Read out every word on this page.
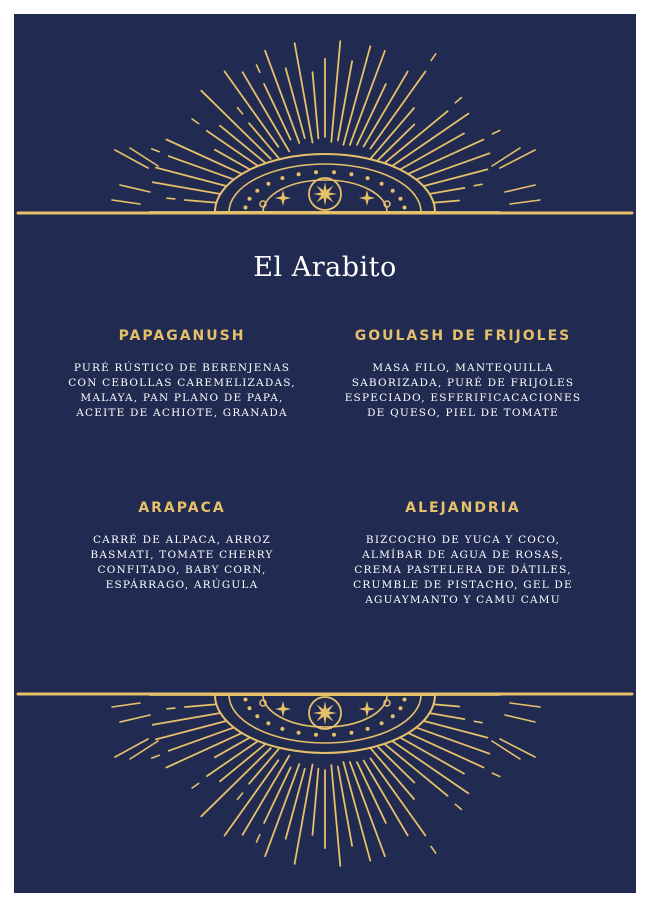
El Arabito
PAPAGANUSH
PURÉ RÚSTICO DE BERENJENAS
CON CEBOLLAS CAREMELIZADAS,
MALAYA, PAN PLANO DE PAPA,
ACEITE DE ACHIOTE, GRANADA
GOULASH DE FRIJOLES
MASA FILO, MANTEQUILLA
SABORIZADA, PURÉ DE FRIJOLES
ESPECIADO, ESFERIFICACACIONES
DE QUESO, PIEL DE TOMATE
ARAPACA
CARRÉ DE ALPACA, ARROZ
BASMATI, TOMATE CHERRY
CONFITADO, BABY CORN,
ESPÁRRAGO, ARÚGULA
ALEJANDRIA
BIZCOCHO DE YUCA Y COCO,
ALMÍBAR DE AGUA DE ROSAS,
CREMA PASTELERA DE DÁTILES,
CRUMBLE DE PISTACHO, GEL DE
AGUAYMANTO Y CAMU CAMU
